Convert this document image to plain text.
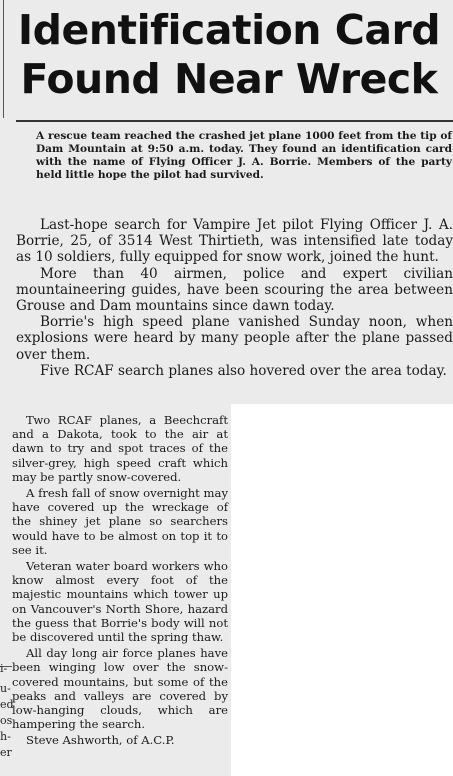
Identification Card
Found Near Wreck
A rescue team reached the crashed jet plane 1000 feet from the tip of Dam Mountain at 9:50 a.m. today. They found an identification card with the name of Flying Officer J. A. Borrie. Members of the party held little hope the pilot had survived.

Last-hope search for Vampire Jet pilot Flying Officer J. A. Borrie, 25, of 3514 West Thirtieth, was intensified late today as 10 soldiers, fully equipped for snow work, joined the hunt.

More than 40 airmen, police and expert civilian mountaineering guides, have been scouring the area between Grouse and Dam mountains since dawn today.

Borrie's high speed plane vanished Sunday noon, when explosions were heard by many people after the plane passed over them.

Five RCAF search planes also hovered over the area today.

Two RCAF planes, a Beechcraft and a Dakota, took to the air at dawn to try and spot traces of the silver-grey, high speed craft which may be partly snow-covered.

A fresh fall of snow overnight may have covered up the wreckage of the shiney jet plane so searchers would have to be almost on top it to see it.

Veteran water board workers who know almost every foot of the majestic mountains which tower up on Vancouver's North Shore, hazard the guess that Borrie's body will not be discovered until the spring thaw.

All day long air force planes have been winging low over the snow-covered mountains, but some of the peaks and valleys are covered by low-hanging clouds, which are hampering the search.

Steve Ashworth, of A.C.P.

i-
u-
ed
os
h-
er
